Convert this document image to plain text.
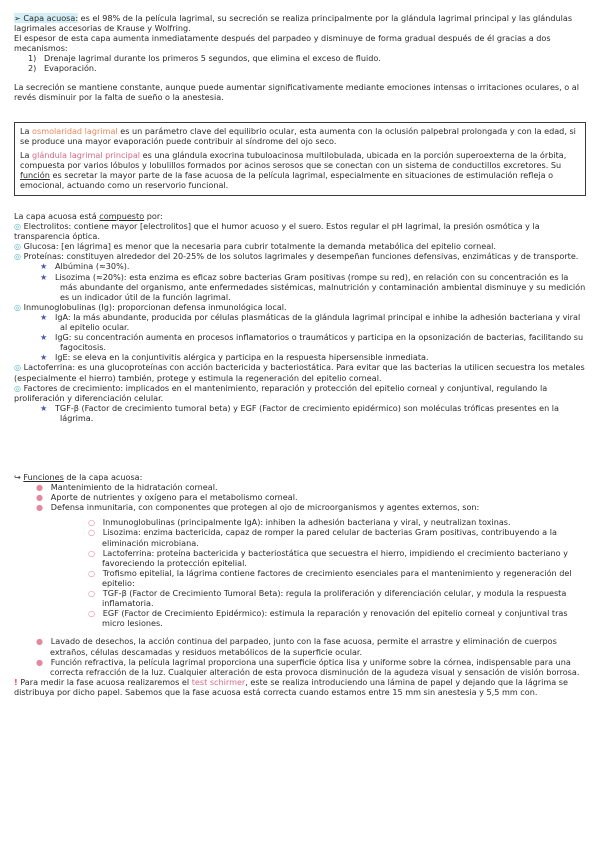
➢ Capa acuosa: es el 98% de la película lagrimal, su secreción se realiza principalmente por la glándula lagrimal principal y las glándulas lagrimales accesorias de Krause y Wolfring.

El espesor de esta capa aumenta inmediatamente después del parpadeo y disminuye de forma gradual después de él gracias a dos mecanismos:

1) Drenaje lagrimal durante los primeros 5 segundos, que elimina el exceso de fluido.

2) Evaporación.

La secreción se mantiene constante, aunque puede aumentar significativamente mediante emociones intensas o irritaciones oculares, o al revés disminuir por la falta de sueño o la anestesia.

La osmolaridad lagrimal es un parámetro clave del equilibrio ocular, esta aumenta con la oclusión palpebral prolongada y con la edad, si se produce una mayor evaporación puede contribuir al síndrome del ojo seco.

La glándula lagrimal principal es una glándula exocrina tubuloacinosa multilobulada, ubicada en la porción superoexterna de la órbita, compuesta por varios lóbulos y lobulillos formados por acinos serosos que se conectan con un sistema de conductillos excretores. Su función es secretar la mayor parte de la fase acuosa de la película lagrimal, especialmente en situaciones de estimulación refleja o emocional, actuando como un reservorio funcional.

La capa acuosa está compuesto por:

◎ Electrolitos: contiene mayor [electrolitos] que el humor acuoso y el suero. Estos regular el pH lagrimal, la presión osmótica y la transparencia óptica.

◎ Glucosa: [en lágrima] es menor que la necesaria para cubrir totalmente la demanda metabólica del epitelio corneal.

◎ Proteínas: constituyen alrededor del 20-25% de los solutos lagrimales y desempeñan funciones defensivas, enzimáticas y de transporte.

★ Albúmina (≈30%).

★ Lisozima (≈20%): esta enzima es eficaz sobre bacterias Gram positivas (rompe su red), en relación con su concentración es la más abundante del organismo, ante enfermedades sistémicas, malnutrición y contaminación ambiental disminuye y su medición es un indicador útil de la función lagrimal.

◎ Inmunoglobulinas (Ig): proporcionan defensa inmunológica local.

★ IgA: la más abundante, producida por células plasmáticas de la glándula lagrimal principal e inhibe la adhesión bacteriana y viral al epitelio ocular.

★ IgG: su concentración aumenta en procesos inflamatorios o traumáticos y participa en la opsonización de bacterias, facilitando su fagocitosis.

★ IgE: se eleva en la conjuntivitis alérgica y participa en la respuesta hipersensible inmediata.

◎ Lactoferrina: es una glucoproteínas con acción bactericida y bacteriostática. Para evitar que las bacterias la utilicen secuestra los metales (especialmente el hierro) también, protege y estimula la regeneración del epitelio corneal.

◎ Factores de crecimiento: implicados en el mantenimiento, reparación y protección del epitelio corneal y conjuntival, regulando la proliferación y diferenciación celular.

★ TGF-β (Factor de crecimiento tumoral beta) y EGF (Factor de crecimiento epidérmico) son moléculas tróficas presentes en la lágrima.

↪ Funciones de la capa acuosa:

● Mantenimiento de la hidratación corneal.

● Aporte de nutrientes y oxígeno para el metabolismo corneal.

● Defensa inmunitaria, con componentes que protegen al ojo de microorganismos y agentes externos, son:

○ Inmunoglobulinas (principalmente IgA): inhiben la adhesión bacteriana y viral, y neutralizan toxinas.

○ Lisozima: enzima bactericida, capaz de romper la pared celular de bacterias Gram positivas, contribuyendo a la eliminación microbiana.

○ Lactoferrina: proteína bactericida y bacteriostática que secuestra el hierro, impidiendo el crecimiento bacteriano y favoreciendo la protección epitelial.

○ Trofismo epitelial, la lágrima contiene factores de crecimiento esenciales para el mantenimiento y regeneración del epitelio:

○ TGF-β (Factor de Crecimiento Tumoral Beta): regula la proliferación y diferenciación celular, y modula la respuesta inflamatoria.

○ EGF (Factor de Crecimiento Epidérmico): estimula la reparación y renovación del epitelio corneal y conjuntival tras micro lesiones.

● Lavado de desechos, la acción continua del parpadeo, junto con la fase acuosa, permite el arrastre y eliminación de cuerpos extraños, células descamadas y residuos metabólicos de la superficie ocular.

● Función refractiva, la película lagrimal proporciona una superficie óptica lisa y uniforme sobre la córnea, indispensable para una correcta refracción de la luz. Cualquier alteración de esta provoca disminución de la agudeza visual y sensación de visión borrosa.

! Para medir la fase acuosa realizaremos el test schirmer, este se realiza introduciendo una lámina de papel y dejando que la lágrima se distribuya por dicho papel. Sabemos que la fase acuosa está correcta cuando estamos entre 15 mm sin anestesia y 5,5 mm con.
